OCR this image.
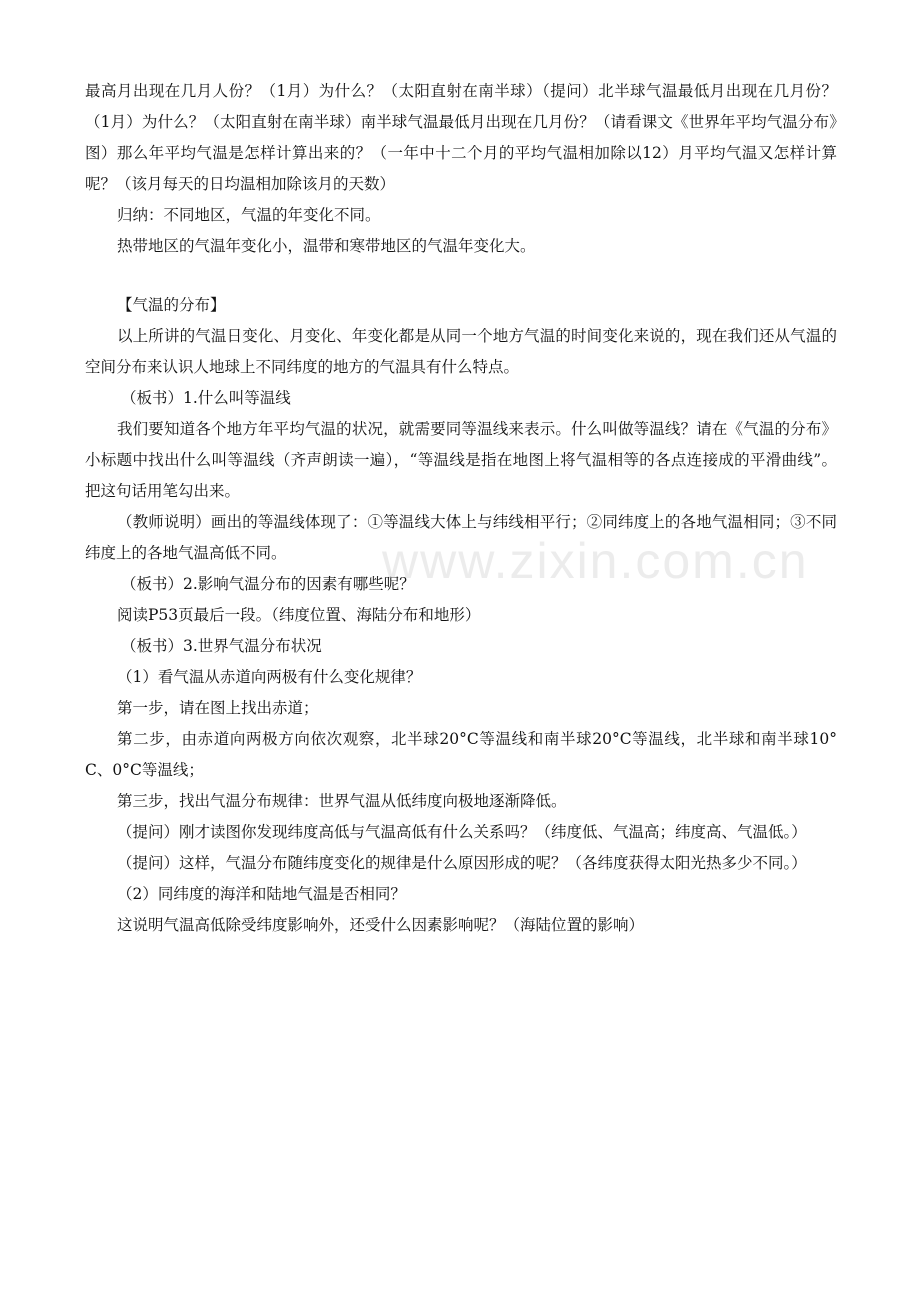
最高月出现在几月人份？（1月）为什么？（太阳直射在南半球）（提问）北半球气温最低月出现在几月份？（1月）为什么？（太阳直射在南半球）南半球气温最低月出现在几月份？（请看课文《世界年平均气温分布》图）那么年平均气温是怎样计算出来的？（一年中十二个月的平均气温相加除以12）月平均气温又怎样计算呢？（该月每天的日均温相加除该月的天数）

归纳：不同地区，气温的年变化不同。

热带地区的气温年变化小，温带和寒带地区的气温年变化大。

【气温的分布】

以上所讲的气温日变化、月变化、年变化都是从同一个地方气温的时间变化来说的，现在我们还从气温的空间分布来认识人地球上不同纬度的地方的气温具有什么特点。

（板书）1.什么叫等温线

我们要知道各个地方年平均气温的状况，就需要同等温线来表示。什么叫做等温线？请在《气温的分布》小标题中找出什么叫等温线（齐声朗读一遍），“等温线是指在地图上将气温相等的各点连接成的平滑曲线”。把这句话用笔勾出来。

（教师说明）画出的等温线体现了：①等温线大体上与纬线相平行；②同纬度上的各地气温相同；③不同纬度上的各地气温高低不同。

（板书）2.影响气温分布的因素有哪些呢？

阅读P53页最后一段。（纬度位置、海陆分布和地形）

（板书）3.世界气温分布状况

（1）看气温从赤道向两极有什么变化规律？

第一步，请在图上找出赤道；

第二步，由赤道向两极方向依次观察，北半球20°C等温线和南半球20°C等温线，北半球和南半球10°C、0°C等温线；

第三步，找出气温分布规律：世界气温从低纬度向极地逐渐降低。

（提问）刚才读图你发现纬度高低与气温高低有什么关系吗？（纬度低、气温高；纬度高、气温低。）

（提问）这样，气温分布随纬度变化的规律是什么原因形成的呢？（各纬度获得太阳光热多少不同。）

（2）同纬度的海洋和陆地气温是否相同？

这说明气温高低除受纬度影响外，还受什么因素影响呢？（海陆位置的影响）

www.zixin.com.cn
